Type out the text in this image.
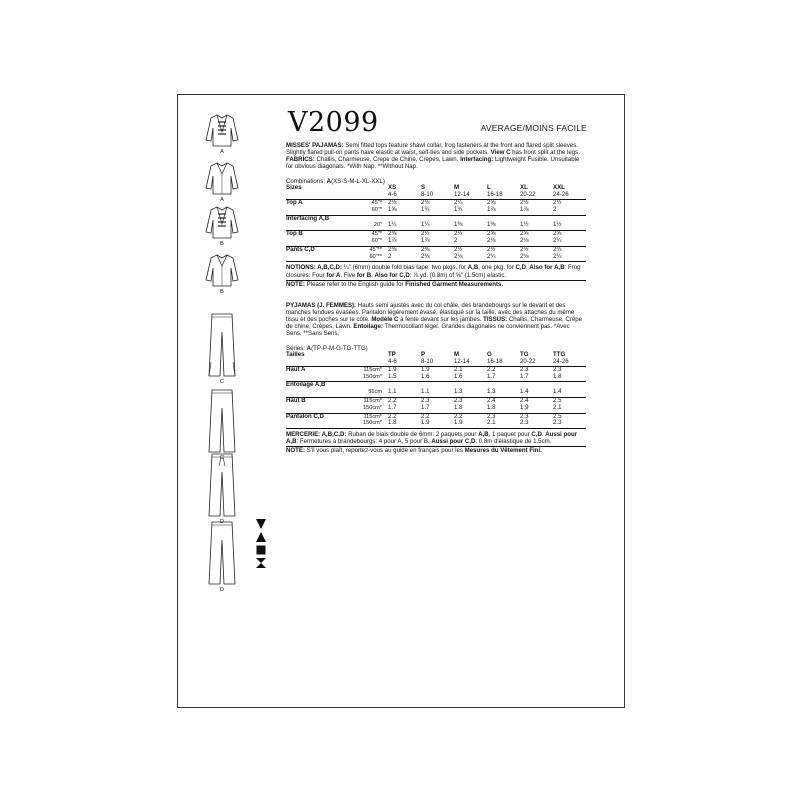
A
A
B
B
C
C
D
D
V2099	AVERAGE/MOINS FACILE

MISSES' PAJAMAS: Semi fitted tops feature shawl collar, frog fasteners at the front and flared split sleeves. Slightly flared pull-on pants have elastic at waist, self-ties and side pockets. View C has front split at the legs. FABRICS: Challis, Charmeuse, Crepe de Chine, Crepes, Lawn. Interfacing: Lightweight Fusible. Unsuitable for obvious diagonals. *With Nap. **Without Nap.

Combinations: A(XS-S-M-L-XL-XXL)

Sizes		XS	S	M	L	XL	XXL
		4-6	8-10	12-14	16-18	20-22	24-26
Top A	45"*	2⅛	2⅛	2¼	2⅝	2½	2½
	60"*	1⅝	1¾	1¾	1⅞	1⅞	2
Interfacing A,B							
	20"	1¼	1¼	1⅜	1⅜	1½	1½
Top B	45"*	2⅜	2½	2½	2⅝	2⅝	2⅝
	60"*	1⅞	1⅞	2	2⅛	2⅛	2¼
Pants C,D	45"**	2⅜	2⅜	2½	2½	2½	2¾
	60"**	2	2⅛	2⅛	2¼	2⅛	2¼

NOTIONS: A,B,C,D: ¼" (6mm) double fold bias tape: two pkgs. for A,B, one pkg. for C,D. Also for A,B: Frog closures: Four for A, Five for B. Also for C,D: ⅞ yd. (0.8m) of ⅝" (1.5cm) elastic.

NOTE: Please refer to the English guide for Finished Garment Measurements.

PYJAMAS (J. FEMMES): Hauts semi ajustés avec du col châle, des brandebourgs sur le devant et des manches fendues évasées. Pantalon légèrement évasé, élastiqué sur la taille, avec des attaches du même tissu et des poches sur le côté. Modèle C à fente devant sur les jambes. TISSUS: Challis, Charmeuse, Crêpe de chine, Crêpes, Lawn. Entoilage: Thermocollant léger. Grandes diagonales ne conviennent pas. *Avec Sens. **Sans Sens.

Séries: A(TP-P-M-G-TG-TTG)

Tailles		TP	P	M	G	TG	TTG
		4-6	8-10	12-14	16-18	20-22	24-26
Haut A	115cm*	1.9	1.9	2.1	2.2	2.3	2.3
	150cm*	1.5	1.6	1.6	1.7	1.7	1.8
Entoilage A,B							
	51cm	1.1	1.1	1.3	1.3	1.4	1.4
Haut B	115cm*	2.2	2.3	2.3	2.4	2.4	2.5
	150cm*	1.7	1.7	1.8	1.8	1.9	2.1
Pantalon C,D	115cm*	2.2	2.2	2.2	2.3	2.3	2.5
	150cm*	1.8	1.9	1.9	2.1	2.3	2.3

MERCERIE: A,B,C,D: Ruban de biais double de 6mm: 2 paquets pour A,B, 1 paquet pour C,D. Aussi pour A,B: Fermetures à brandebourgs: 4 pour A, 5 pour B. Aussi pour C,D: 0.8m d'élastique de 1.5cm.

NOTE: S'il vous plaît, reportez-vous au guide en français pour les Mesures du Vêtement Fini.
